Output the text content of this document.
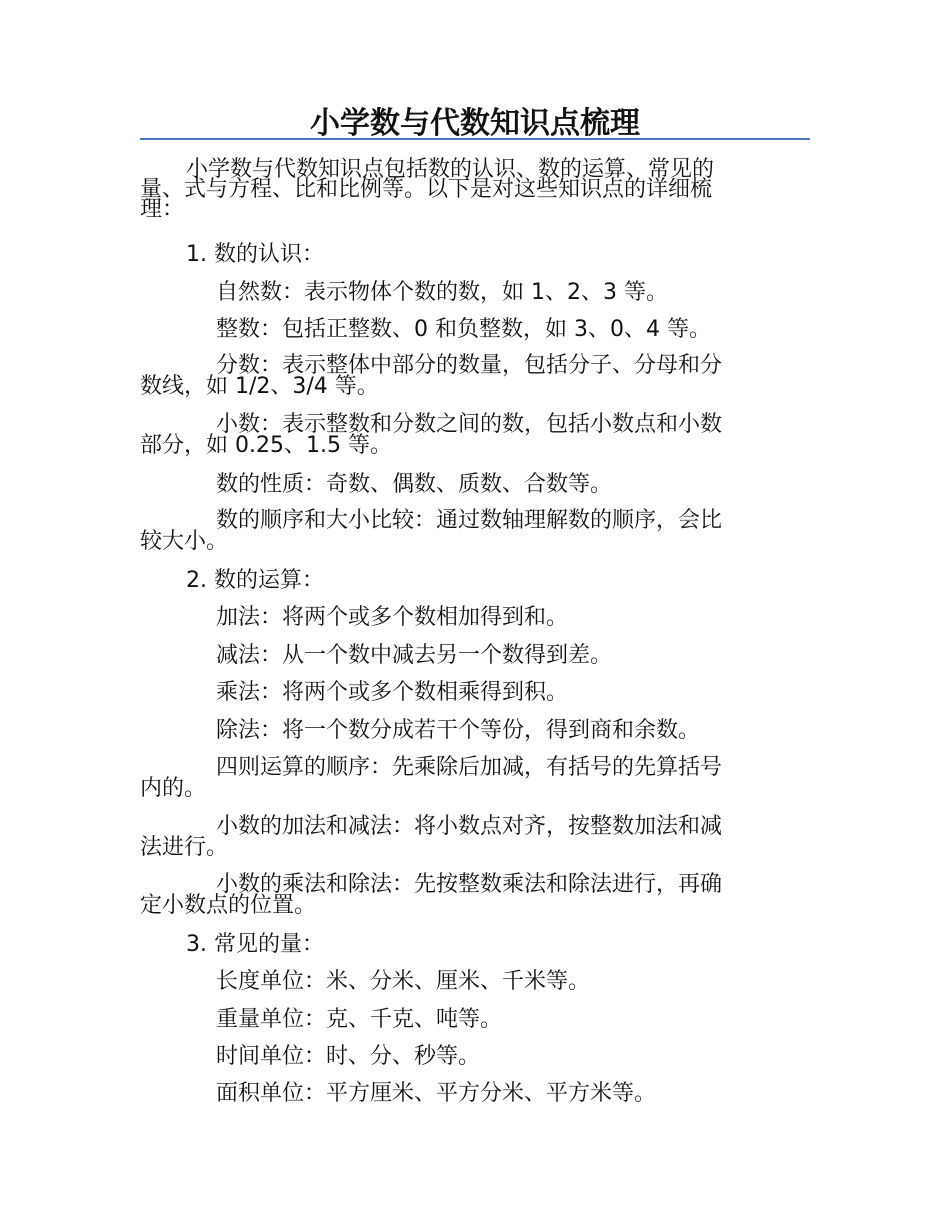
小学数与代数知识点梳理
小学数与代数知识点包括数的认识、数的运算、常见的
量、式与方程、比和比例等。以下是对这些知识点的详细梳
理：
1. 数的认识：
自然数：表示物体个数的数，如 1、2、3 等。
整数：包括正整数、0 和负整数，如 3、0、4 等。
分数：表示整体中部分的数量，包括分子、分母和分
数线，如 1/2、3/4 等。
小数：表示整数和分数之间的数，包括小数点和小数
部分，如 0.25、1.5 等。
数的性质：奇数、偶数、质数、合数等。
数的顺序和大小比较：通过数轴理解数的顺序，会比
较大小。
2. 数的运算：
加法：将两个或多个数相加得到和。
减法：从一个数中减去另一个数得到差。
乘法：将两个或多个数相乘得到积。
除法：将一个数分成若干个等份，得到商和余数。
四则运算的顺序：先乘除后加减，有括号的先算括号
内的。
小数的加法和减法：将小数点对齐，按整数加法和减
法进行。
小数的乘法和除法：先按整数乘法和除法进行，再确
定小数点的位置。
3. 常见的量：
长度单位：米、分米、厘米、千米等。
重量单位：克、千克、吨等。
时间单位：时、分、秒等。
面积单位：平方厘米、平方分米、平方米等。
